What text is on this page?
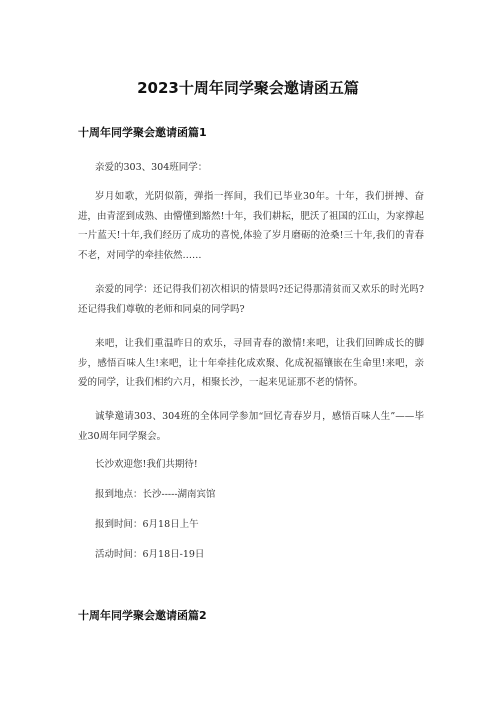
2023十周年同学聚会邀请函五篇
十周年同学聚会邀请函篇1

亲爱的303、304班同学：

岁月如歌，光阴似箭，弹指一挥间，我们已毕业30年。十年，我们拼搏、奋进，由青涩到成熟、由懵懂到豁然!十年，我们耕耘，肥沃了祖国的江山，为家撑起一片蓝天!十年,我们经历了成功的喜悦,体验了岁月磨砺的沧桑!三十年,我们的青春不老，对同学的牵挂依然……

亲爱的同学：还记得我们初次相识的情景吗?还记得那清贫而又欢乐的时光吗?还记得我们尊敬的老师和同桌的同学吗?

来吧，让我们重温昨日的欢乐，寻回青春的激情!来吧，让我们回眸成长的脚步，感悟百味人生!来吧，让十年牵挂化成欢聚、化成祝福镶嵌在生命里!来吧，亲爱的同学，让我们相约六月，相聚长沙，一起来见证那不老的情怀。

诚挚邀请303、304班的全体同学参加“回忆青春岁月，感悟百味人生”——毕业30周年同学聚会。

长沙欢迎您!我们共期待!

报到地点：长沙-----湖南宾馆

报到时间：6月18日上午

活动时间：6月18日-19日

十周年同学聚会邀请函篇2
